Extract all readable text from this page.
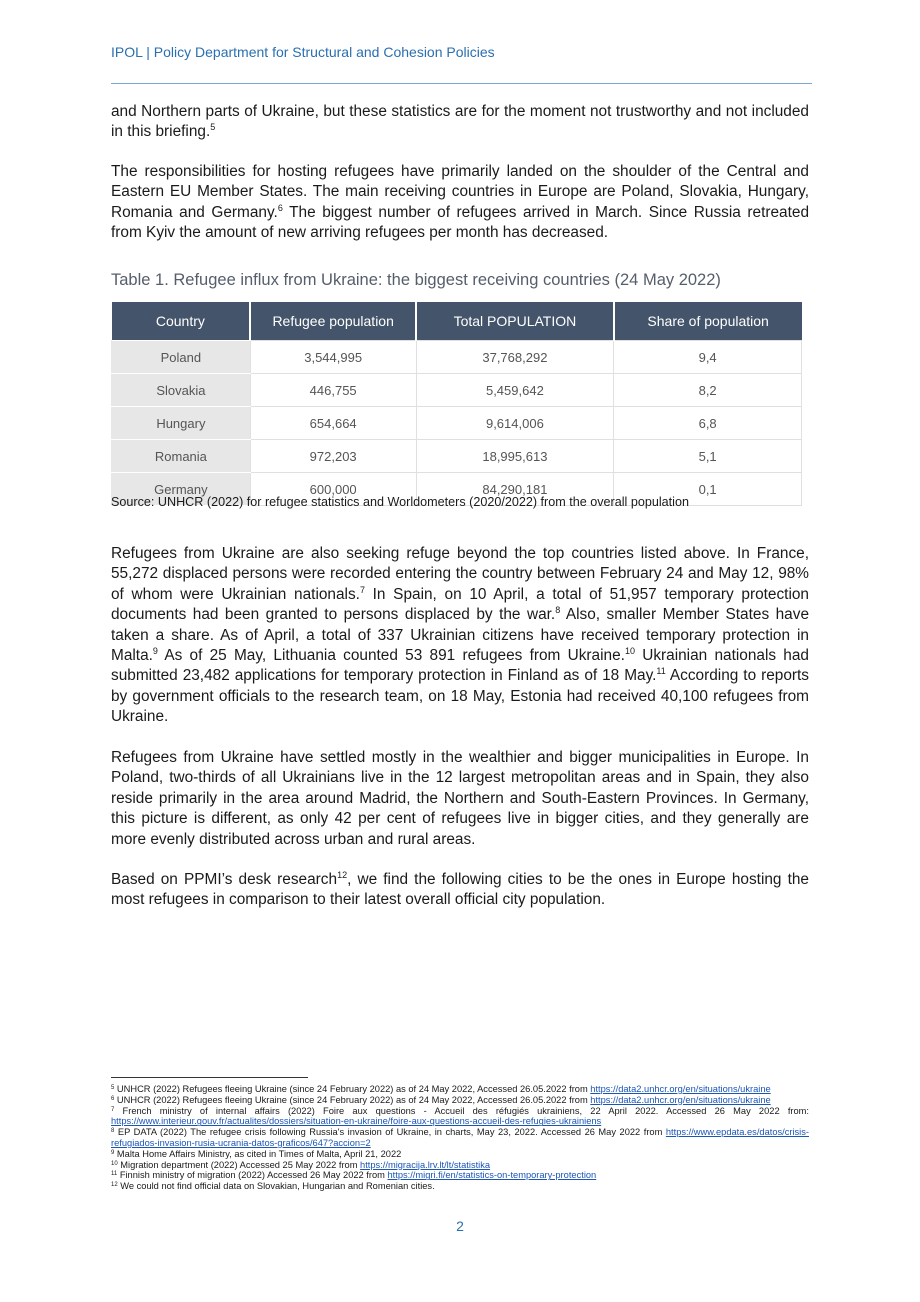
IPOL | Policy Department for Structural and Cohesion Policies

and Northern parts of Ukraine, but these statistics are for the moment not trustworthy and not included in this briefing.$^5$

The responsibilities for hosting refugees have primarily landed on the shoulder of the Central and Eastern EU Member States. The main receiving countries in Europe are Poland, Slovakia, Hungary, Romania and Germany.$^6$ The biggest number of refugees arrived in March. Since Russia retreated from Kyiv the amount of new arriving refugees per month has decreased.

Table 1. Refugee influx from Ukraine: the biggest receiving countries (24 May 2022)
Country	Refugee population	Total POPULATION	Share of population
Poland	3,544,995	37,768,292	9,4
Slovakia	446,755	5,459,642	8,2
Hungary	654,664	9,614,006	6,8
Romania	972,203	18,995,613	5,1
Germany	600,000	84,290,181	0,1
Source: UNHCR (2022) for refugee statistics and Worldometers (2020/2022) from the overall population

Refugees from Ukraine are also seeking refuge beyond the top countries listed above. In France, 55,272 displaced persons were recorded entering the country between February 24 and May 12, 98% of whom were Ukrainian nationals.$^7$ In Spain, on 10 April, a total of 51,957 temporary protection documents had been granted to persons displaced by the war.$^8$ Also, smaller Member States have taken a share. As of April, a total of 337 Ukrainian citizens have received temporary protection in Malta.$^9$ As of 25 May, Lithuania counted 53 891 refugees from Ukraine.$^{10}$ Ukrainian nationals had submitted 23,482 applications for temporary protection in Finland as of 18 May.$^{11}$ According to reports by government officials to the research team, on 18 May, Estonia had received 40,100 refugees from Ukraine.

Refugees from Ukraine have settled mostly in the wealthier and bigger municipalities in Europe. In Poland, two-thirds of all Ukrainians live in the 12 largest metropolitan areas and in Spain, they also reside primarily in the area around Madrid, the Northern and South-Eastern Provinces. In Germany, this picture is different, as only 42 per cent of refugees live in bigger cities, and they generally are more evenly distributed across urban and rural areas.

Based on PPMI’s desk research$^{12}$, we find the following cities to be the ones in Europe hosting the most refugees in comparison to their latest overall official city population.

$^5$ UNHCR (2022) Refugees fleeing Ukraine (since 24 February 2022) as of 24 May 2022, Accessed 26.05.2022 from https://data2.unhcr.org/en/situations/ukraine
$^6$ UNHCR (2022) Refugees fleeing Ukraine (since 24 February 2022) as of 24 May 2022, Accessed 26.05.2022 from https://data2.unhcr.org/en/situations/ukraine
$^7$ French ministry of internal affairs (2022) Foire aux questions - Accueil des réfugiés ukrainiens, 22 April 2022. Accessed 26 May 2022 from: https://www.interieur.gouv.fr/actualites/dossiers/situation-en-ukraine/foire-aux-questions-accueil-des-refugies-ukrainiens
$^8$ EP DATA (2022) The refugee crisis following Russia's invasion of Ukraine, in charts, May 23, 2022. Accessed 26 May 2022 from https://www.epdata.es/datos/crisis-refugiados-invasion-rusia-ucrania-datos-graficos/647?accion=2
$^9$ Malta Home Affairs Ministry, as cited in Times of Malta, April 21, 2022
$^{10}$ Migration department (2022) Accessed 25 May 2022 from https://migracija.lrv.lt/lt/statistika
$^{11}$ Finnish ministry of migration (2022) Accessed 26 May 2022 from https://migri.fi/en/statistics-on-temporary-protection
$^{12}$ We could not find official data on Slovakian, Hungarian and Romenian cities.
2
